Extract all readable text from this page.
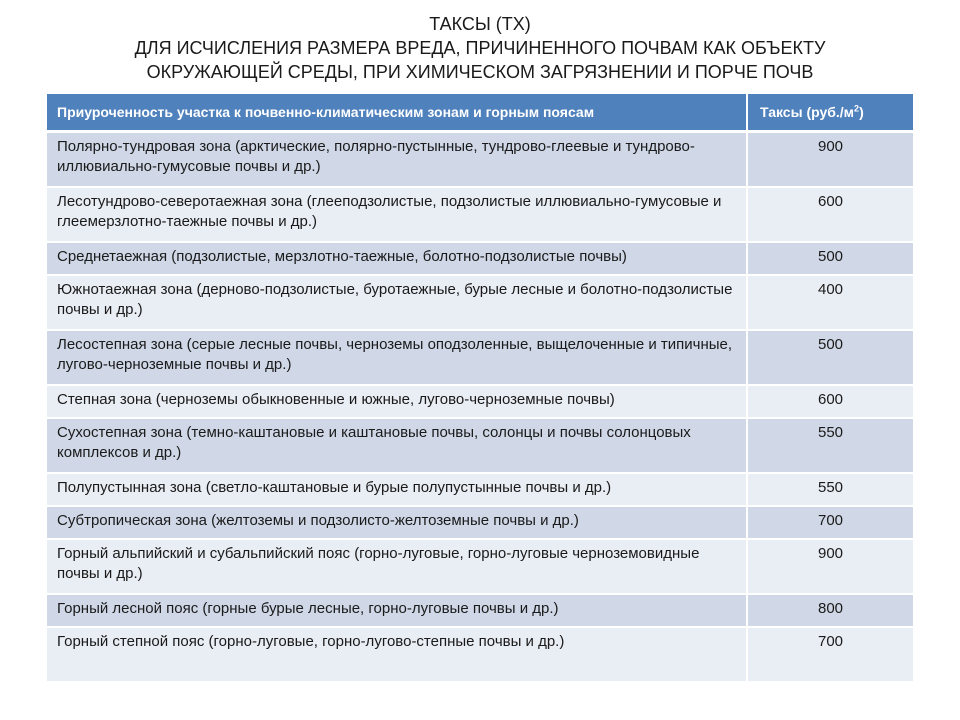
ТАКСЫ (ТХ)
ДЛЯ ИСЧИСЛЕНИЯ РАЗМЕРА ВРЕДА, ПРИЧИНЕННОГО ПОЧВАМ КАК ОБЪЕКТУ
ОКРУЖАЮЩЕЙ СРЕДЫ, ПРИ ХИМИЧЕСКОМ ЗАГРЯЗНЕНИИ И ПОРЧЕ ПОЧВ
Приуроченность участка к почвенно-климатическим зонам и горным поясам	Таксы $(руб./м^2)$
Полярно-тундровая зона (арктические, полярно-пустынные, тундрово-глеевые и тундрово-иллювиально-гумусовые почвы и др.)	900
Лесотундрово-северотаежная зона (глееподзолистые, подзолистые иллювиально-гумусовые и глеемерзлотно-таежные почвы и др.)	600
Среднетаежная (подзолистые, мерзлотно-таежные, болотно-подзолистые почвы)	500
Южнотаежная зона (дерново-подзолистые, буротаежные, бурые лесные и болотно-подзолистые почвы и др.)	400
Лесостепная зона (серые лесные почвы, черноземы оподзоленные, выщелоченные и типичные, лугово-черноземные почвы и др.)	500
Степная зона (черноземы обыкновенные и южные, лугово-черноземные почвы)	600
Сухостепная зона (темно-каштановые и каштановые почвы, солонцы и почвы солонцовых комплексов и др.)	550
Полупустынная зона (светло-каштановые и бурые полупустынные почвы и др.)	550
Субтропическая зона (желтоземы и подзолисто-желтоземные почвы и др.)	700
Горный альпийский и субальпийский пояс (горно-луговые, горно-луговые черноземовидные почвы и др.)	900
Горный лесной пояс (горные бурые лесные, горно-луговые почвы и др.)	800
Горный степной пояс (горно-луговые, горно-лугово-степные почвы и др.)	700
